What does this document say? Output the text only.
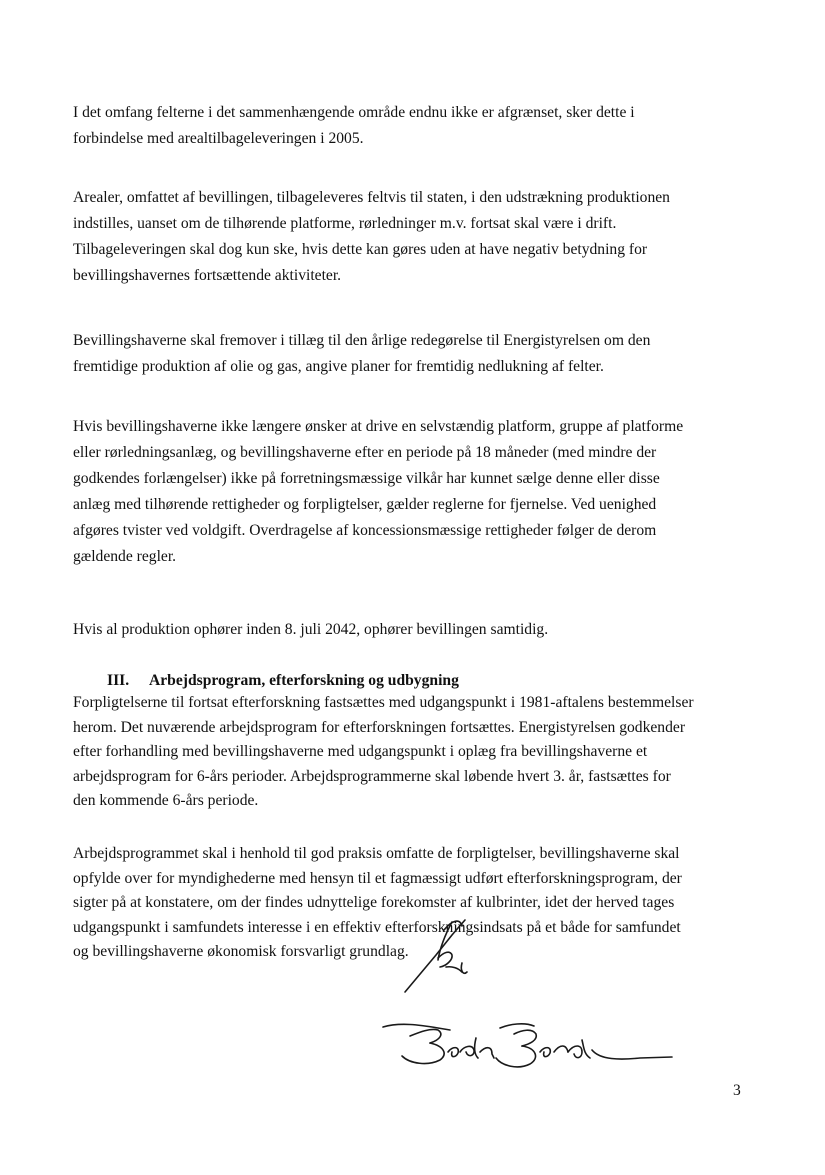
I det omfang felterne i det sammenhængende område endnu ikke er afgrænset, sker dette i
forbindelse med arealtilbageleveringen i 2005.
Arealer, omfattet af bevillingen, tilbageleveres feltvis til staten, i den udstrækning produktionen
indstilles, uanset om de tilhørende platforme, rørledninger m.v. fortsat skal være i drift.
Tilbageleveringen skal dog kun ske, hvis dette kan gøres uden at have negativ betydning for
bevillingshavernes fortsættende aktiviteter.
Bevillingshaverne skal fremover i tillæg til den årlige redegørelse til Energistyrelsen om den
fremtidige produktion af olie og gas, angive planer for fremtidig nedlukning af felter.
Hvis bevillingshaverne ikke længere ønsker at drive en selvstændig platform, gruppe af platforme
eller rørledningsanlæg, og bevillingshaverne efter en periode på 18 måneder (med mindre der
godkendes forlængelser) ikke på forretningsmæssige vilkår har kunnet sælge denne eller disse
anlæg med tilhørende rettigheder og forpligtelser, gælder reglerne for fjernelse. Ved uenighed
afgøres tvister ved voldgift. Overdragelse af koncessionsmæssige rettigheder følger de derom
gældende regler.
Hvis al produktion ophører inden 8. juli 2042, ophører bevillingen samtidig.
III. Arbejdsprogram, efterforskning og udbygning
Forpligtelserne til fortsat efterforskning fastsættes med udgangspunkt i 1981-aftalens bestemmelser
herom. Det nuværende arbejdsprogram for efterforskningen fortsættes. Energistyrelsen godkender
efter forhandling med bevillingshaverne med udgangspunkt i oplæg fra bevillingshaverne et
arbejdsprogram for 6-års perioder. Arbejdsprogrammerne skal løbende hvert 3. år, fastsættes for
den kommende 6-års periode.
Arbejdsprogrammet skal i henhold til god praksis omfatte de forpligtelser, bevillingshaverne skal
opfylde over for myndighederne med hensyn til et fagmæssigt udført efterforskningsprogram, der
sigter på at konstatere, om der findes udnyttelige forekomster af kulbrinter, idet der herved tages
udgangspunkt i samfundets interesse i en effektiv efterforskningsindsats på et både for samfundet
og bevillingshaverne økonomisk forsvarligt grundlag.
3
